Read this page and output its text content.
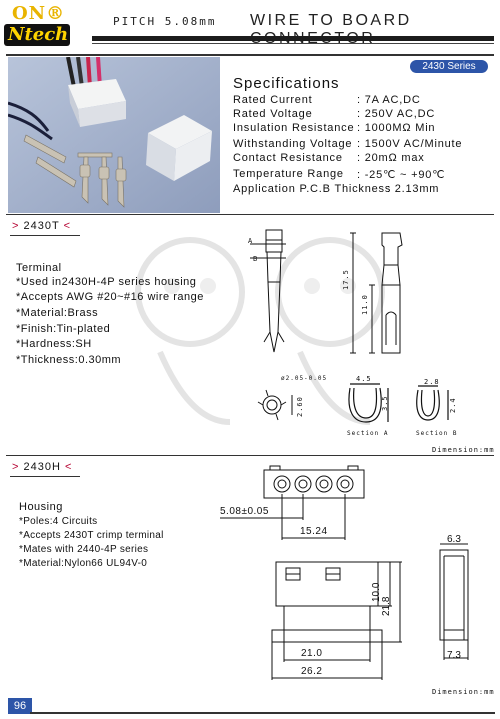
ON®
Ntech
PITCH 5.08mm WIRE TO BOARD
2430 Series
Specifications
Rated Current	: 7A AC,DC
Rated Voltage	: 250V AC,DC
Insulation Resistance : 1000MΩ Min
Withstanding Voltage : 1500V AC/Minute
Contact Resistance : 20mΩ max
Temperature Range : -25℃ ~ +90℃
Application P.C.B Thickness
: 2.13mm
> 2430T <
Terminal
*Used in2430H-4P series housing
*Accepts AWG #20~#16 wire range
*Material:Brass
*Finish:Tin-plated
*Hardness:SH
*Thickness:0.30mm
A
B
17.5
11.0
ø2.05-0.05
2.60
4.5
3.5
Section A
2.8
2.4
Section B
Dimension:mm
> 2430H <
Housing
*Poles:4 Circuits
*Accepts 2430T crimp terminal
*Mates with 2440-4P series
*Material:Nylon66 UL94V-0
5.08±0.05
15.24
10.0
21.8
21.0
26.2
6.3
7.3
Dimension:mm
96
